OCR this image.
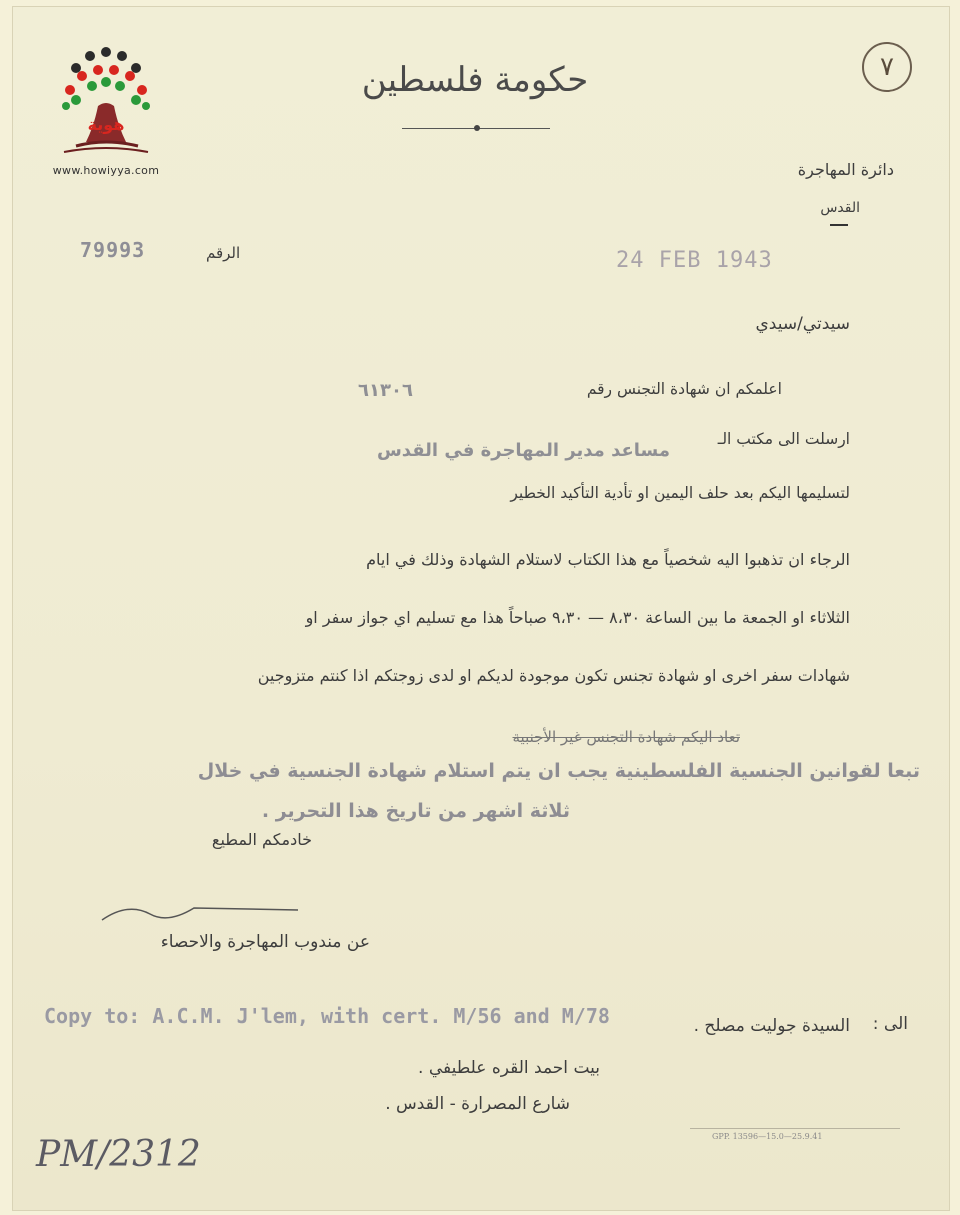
هوية
www.howiyya.com
حكومة فلسطين	٧
دائرة المهاجرة
القدس
79993	الرقم	24 FEB 1943
سيدتي/سيدي
اعلمكم ان شهادة التجنس رقم
٦١٣٠٦
ارسلت الى مكتب الـ
مساعد مدير المهاجرة في القدس
لتسليمها اليكم بعد حلف اليمين او تأدية التأكيد الخطير
الرجاء ان تذهبوا اليه شخصياً مع هذا الكتاب لاستلام الشهادة وذلك في ايام
الثلاثاء او الجمعة ما بين الساعة ٨،٣٠ — ٩،٣٠ صباحاً هذا مع تسليم اي جواز سفر او
شهادات سفر اخرى او شهادة تجنس تكون موجودة لديكم او لدى زوجتكم اذا كنتم متزوجين
تعاد اليكم شهادة التجنس غير الأجنبية
تبعا لقوانين الجنسية الفلسطينية يجب ان يتم استلام شهادة الجنسية في خلال
ثلاثة اشهر من تاريخ هذا التحرير .
خادمكم المطيع
عن مندوب المهاجرة والاحصاء
Copy to: A.C.M. J'lem, with cert. M/56 and M/78	الى :
السيدة جوليت مصلح .
بيت احمد القره علطيفي .
شارع المصرارة - القدس .
GPP. 13596—15.0—25.9.41
PM/2312
